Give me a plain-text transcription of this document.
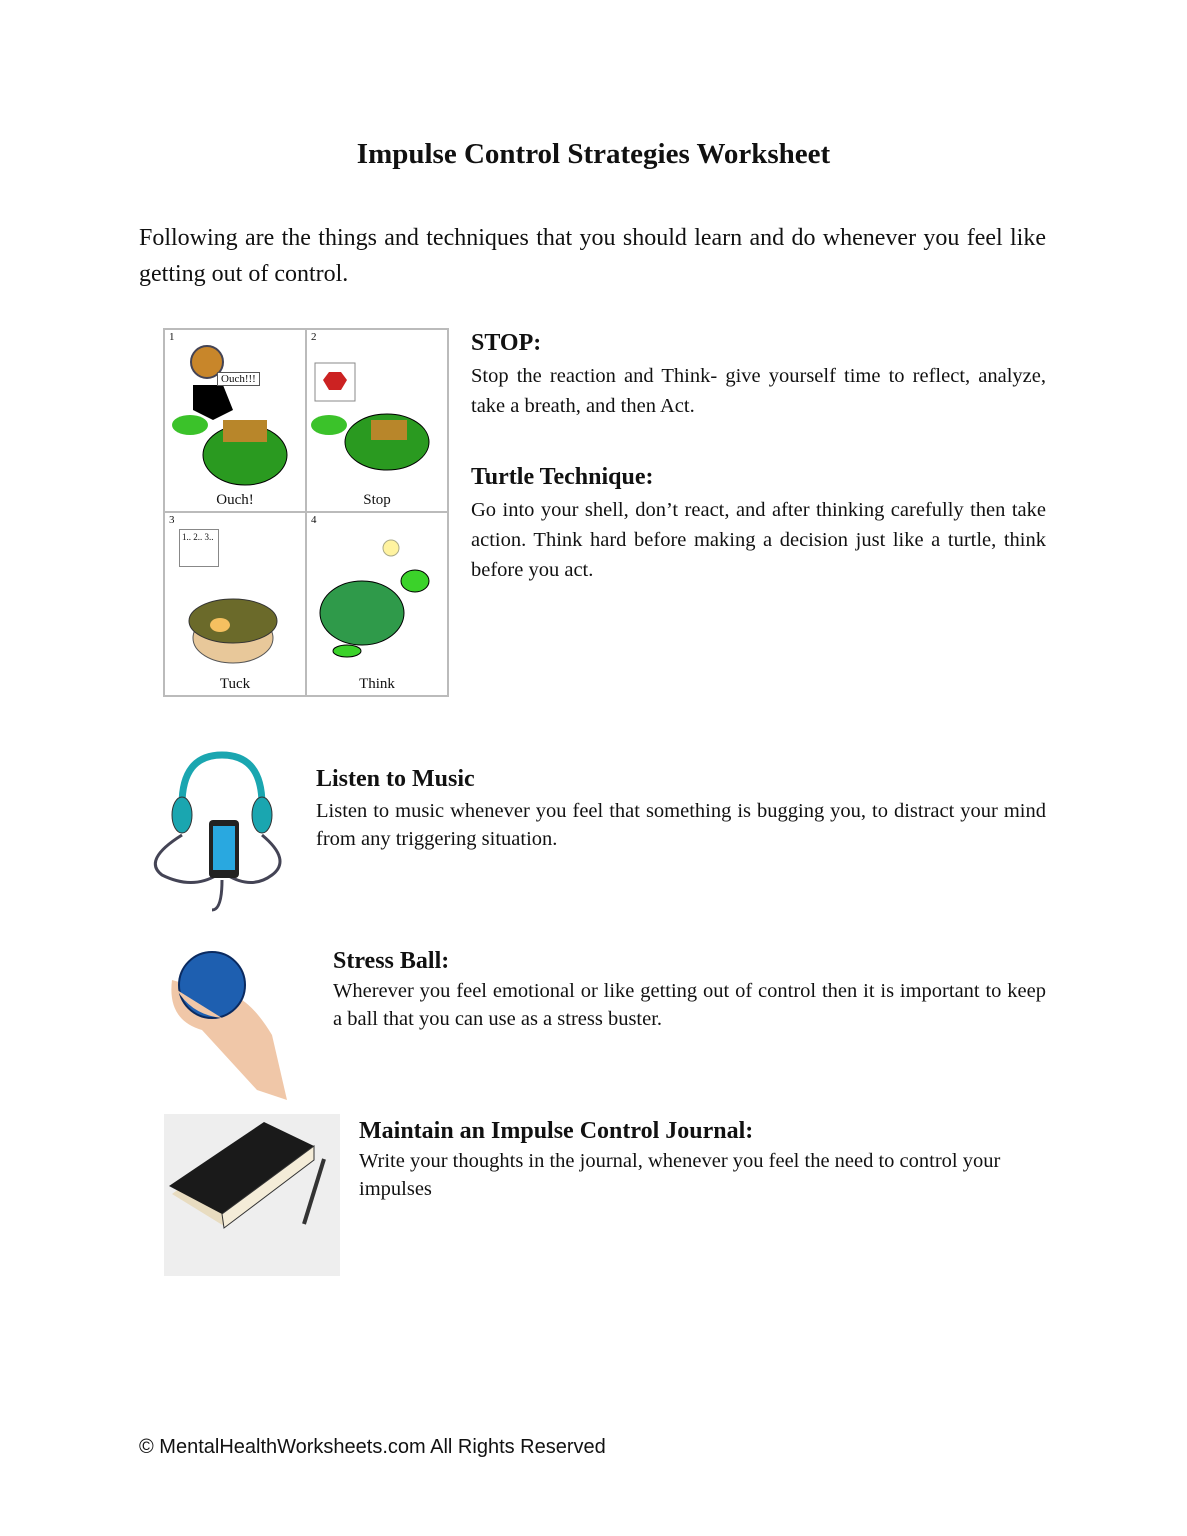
Impulse Control Strategies Worksheet

Following are the things and techniques that you should learn and do whenever you feel like getting out of control.

1
Ouch!!!
Ouch!
2
Stop
3
1.. 2.. 3..
Tuck
4
Think

STOP:

Stop the reaction and Think- give yourself time to reflect, analyze, take a breath, and then Act.

Turtle Technique:

Go into your shell, don’t react, and after thinking carefully then take action. Think hard before making a decision just like a turtle, think before you act.

Listen to Music

Listen to music whenever you feel that something is bugging you, to distract your mind from any triggering situation.

Stress Ball:

Wherever you feel emotional or like getting out of control then it is important to keep a ball that you can use as a stress buster.

Maintain an Impulse Control Journal:

Write your thoughts in the journal, whenever you feel the need to control your impulses

© MentalHealthWorksheets.com All Rights Reserved
